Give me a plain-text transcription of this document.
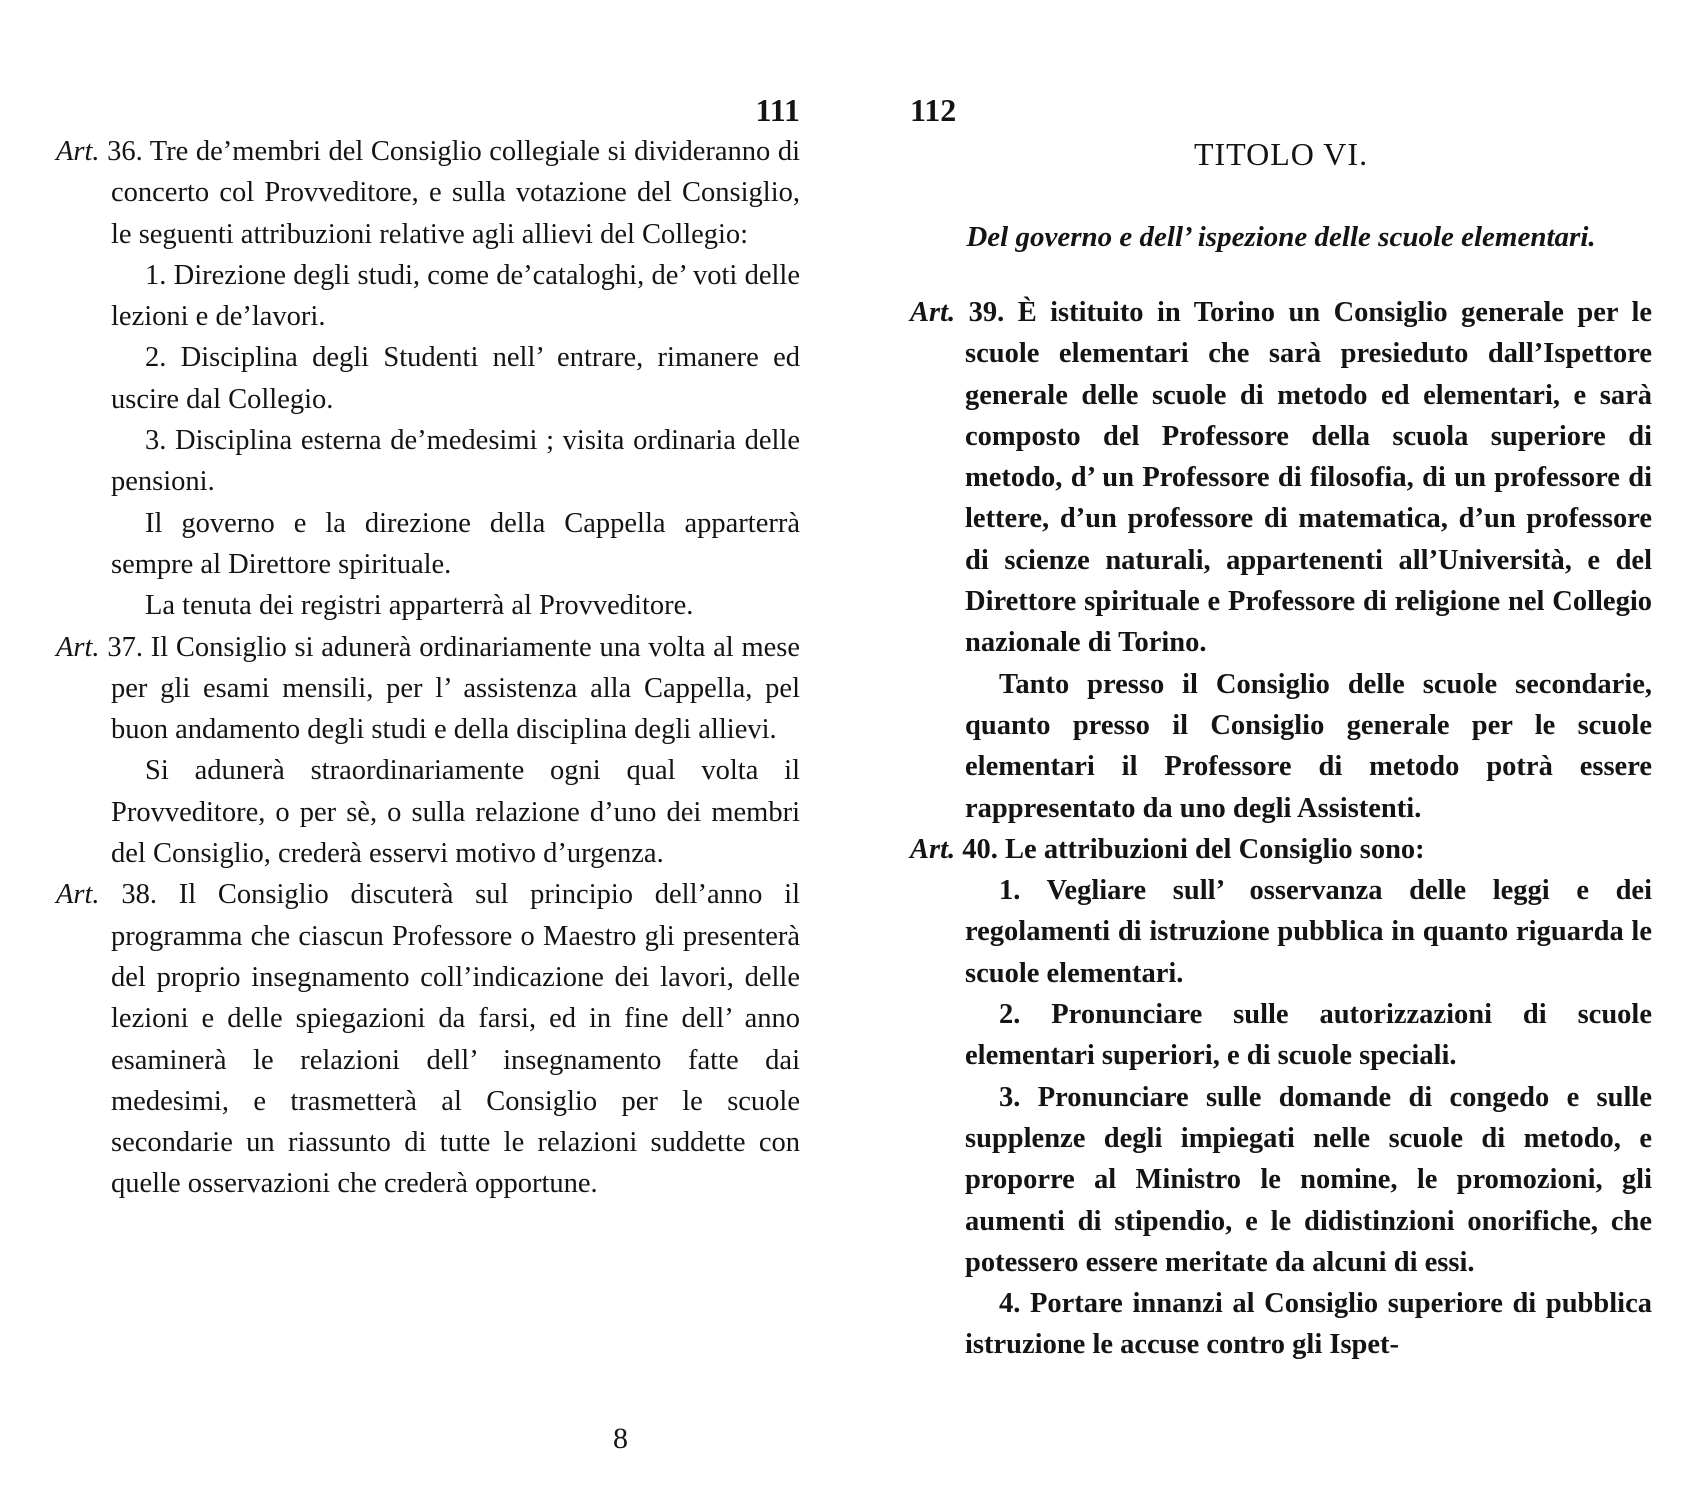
111
Art. 36. Tre de’membri del Consiglio collegiale si divideranno di concerto col Provveditore, e sulla votazione del Consiglio, le seguenti attribuzioni relative agli allievi del Collegio:
1. Direzione degli studi, come de’cataloghi, de’ voti delle lezioni e de’lavori.
2. Disciplina degli Studenti nell’ entrare, rimanere ed uscire dal Collegio.
3. Disciplina esterna de’medesimi ; visita ordinaria delle pensioni.
Il governo e la direzione della Cappella apparterrà sempre al Direttore spirituale.
La tenuta dei registri apparterrà al Provveditore.
Art. 37. Il Consiglio si adunerà ordinariamente una volta al mese per gli esami mensili, per l’ assistenza alla Cappella, pel buon andamento degli studi e della disciplina degli allievi.
Si adunerà straordinariamente ogni qual volta il Provveditore, o per sè, o sulla relazione d’uno dei membri del Consiglio, crederà esservi motivo d’urgenza.
Art. 38. Il Consiglio discuterà sul principio dell’anno il programma che ciascun Professore o Maestro gli presenterà del proprio insegnamento coll’indicazione dei lavori, delle lezioni e delle spiegazioni da farsi, ed in fine dell’ anno esaminerà le relazioni dell’ insegnamento fatte dai medesimi, e trasmetterà al Consiglio per le scuole secondarie un riassunto di tutte le relazioni suddette con quelle osservazioni che crederà opportune.
8
112
TITOLO VI.
Del governo e dell’ ispezione delle scuole elementari.
Art. 39. È istituito in Torino un Consiglio generale per le scuole elementari che sarà presieduto dall’Ispettore generale delle scuole di metodo ed elementari, e sarà composto del Professore della scuola superiore di metodo, d’ un Professore di filosofia, di un professore di lettere, d’un professore di matematica, d’un professore di scienze naturali, appartenenti all’Università, e del Direttore spirituale e Professore di religione nel Collegio nazionale di Torino.
Tanto presso il Consiglio delle scuole secondarie, quanto presso il Consiglio generale per le scuole elementari il Professore di metodo potrà essere rappresentato da uno degli Assistenti.
Art. 40. Le attribuzioni del Consiglio sono:
1. Vegliare sull’ osservanza delle leggi e dei regolamenti di istruzione pubblica in quanto riguarda le scuole elementari.
2. Pronunciare sulle autorizzazioni di scuole elementari superiori, e di scuole speciali.
3. Pronunciare sulle domande di congedo e sulle supplenze degli impiegati nelle scuole di metodo, e proporre al Ministro le nomine, le promozioni, gli aumenti di stipendio, e le didistinzioni onorifiche, che potessero essere meritate da alcuni di essi.
4. Portare innanzi al Consiglio superiore di pubblica istruzione le accuse contro gli Ispet-
